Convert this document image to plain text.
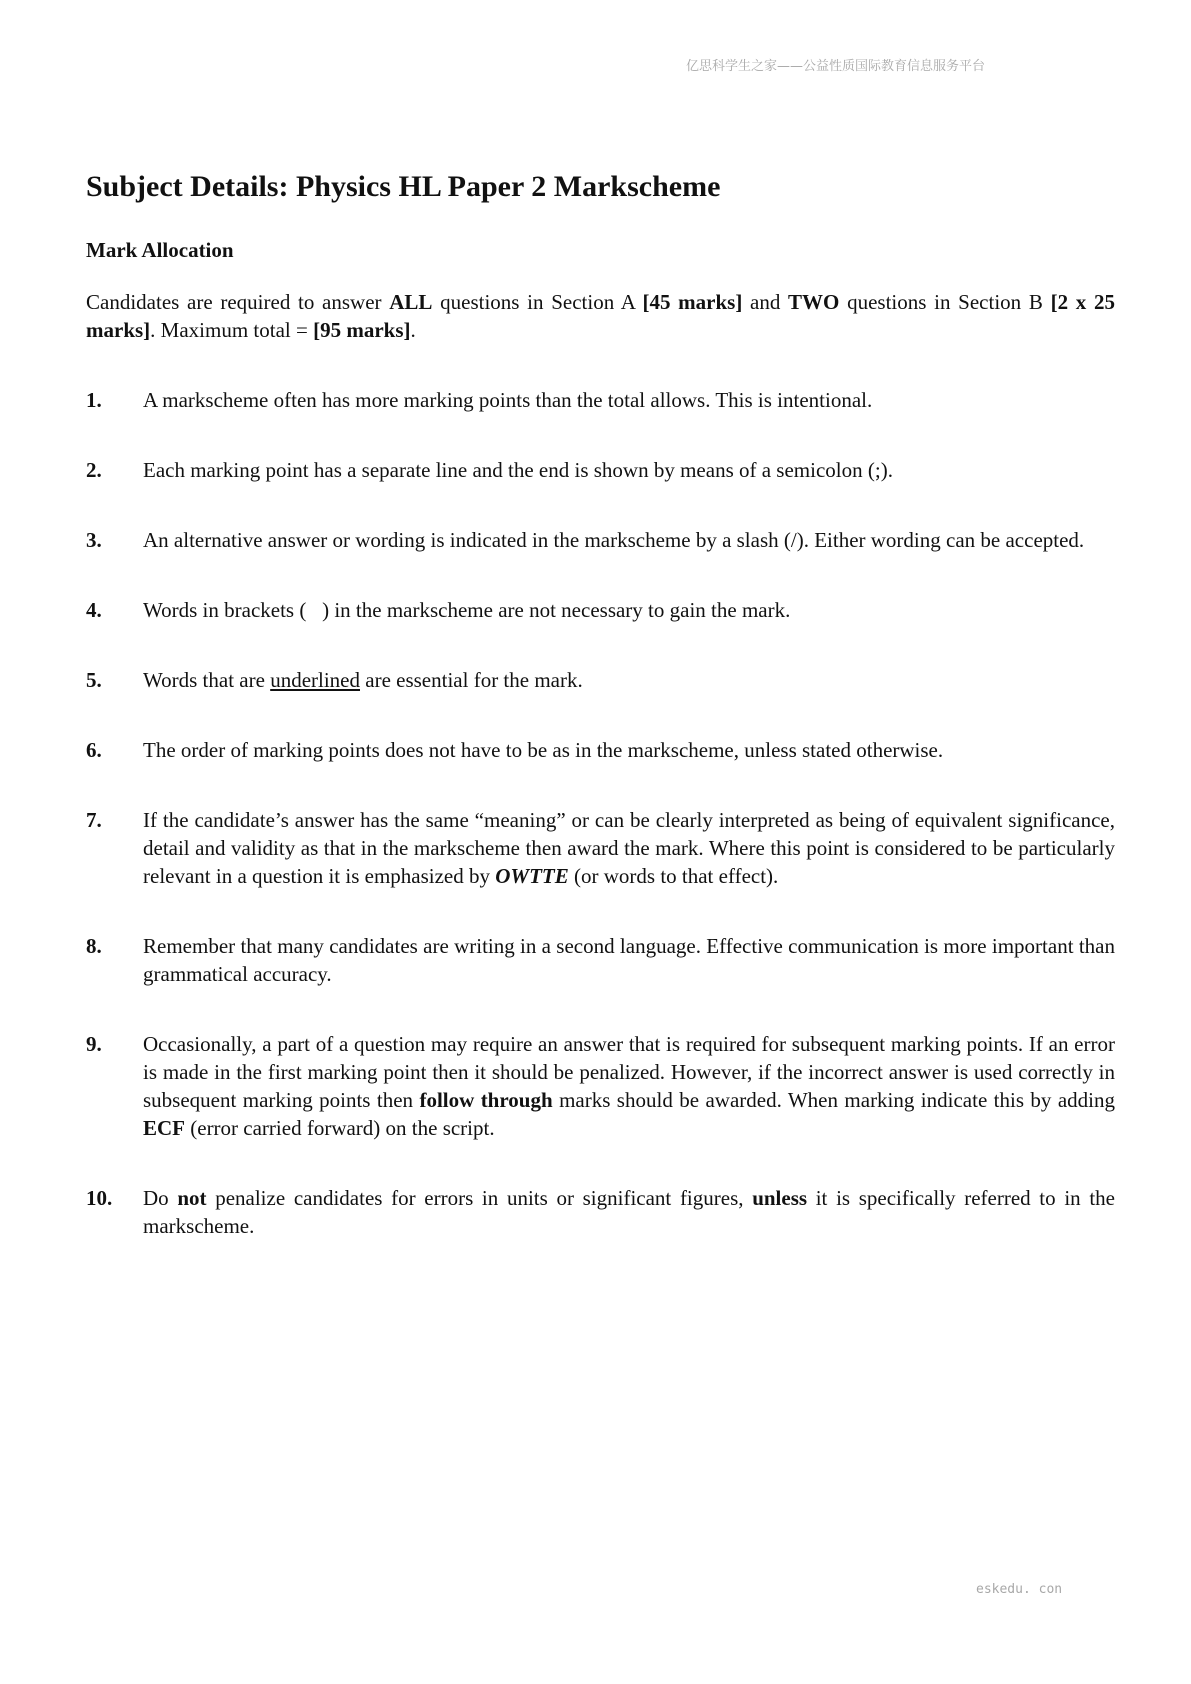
亿思科学生之家——公益性质国际教育信息服务平台
Subject Details: Physics HL Paper 2 Markscheme
Mark Allocation

Candidates are required to answer ALL questions in Section A [45 marks] and TWO questions in Section B [2 x 25 marks]. Maximum total = [95 marks].

1.	A markscheme often has more marking points than the total allows. This is intentional.
2.	Each marking point has a separate line and the end is shown by means of a semicolon (;).
3.	An alternative answer or wording is indicated in the markscheme by a slash (/). Either wording can be accepted.
4.	Words in brackets ( ) in the markscheme are not necessary to gain the mark.
5.	Words that are underlined are essential for the mark.
6.	The order of marking points does not have to be as in the markscheme, unless stated otherwise.
7.	If the candidate’s answer has the same “meaning” or can be clearly interpreted as being of equivalent significance, detail and validity as that in the markscheme then award the mark. Where this point is considered to be particularly relevant in a question it is emphasized by OWTTE (or words to that effect).
8.	Remember that many candidates are writing in a second language. Effective communication is more important than grammatical accuracy.
9.	Occasionally, a part of a question may require an answer that is required for subsequent marking points. If an error is made in the first marking point then it should be penalized. However, if the incorrect answer is used correctly in subsequent marking points then follow through marks should be awarded. When marking indicate this by adding ECF (error carried forward) on the script.
10.	Do not penalize candidates for errors in units or significant figures, unless it is specifically referred to in the markscheme.
eskedu. con
